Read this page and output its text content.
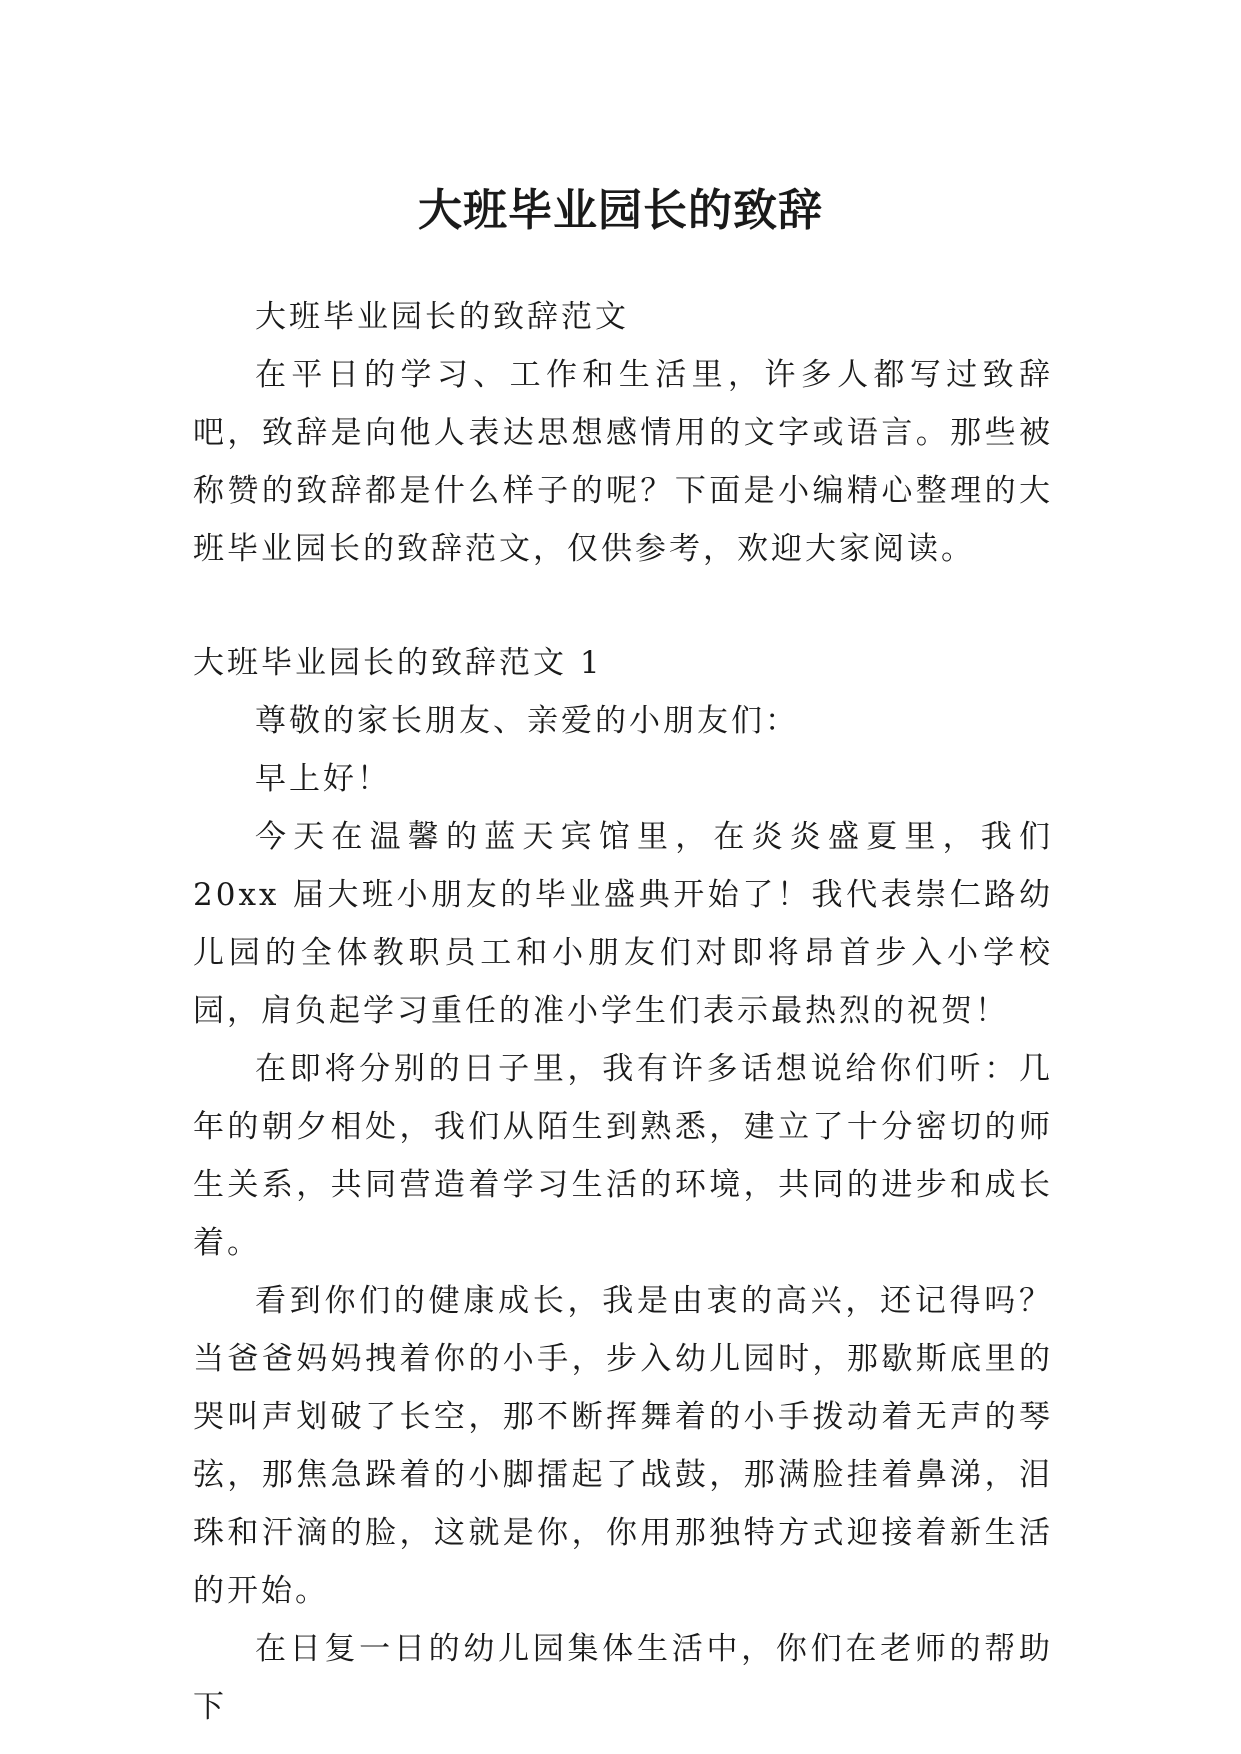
大班毕业园长的致辞

大班毕业园长的致辞范文

在平日的学习、工作和生活里，许多人都写过致辞吧，致辞是向他人表达思想感情用的文字或语言。那些被称赞的致辞都是什么样子的呢？下面是小编精心整理的大班毕业园长的致辞范文，仅供参考，欢迎大家阅读。

大班毕业园长的致辞范文 1

尊敬的家长朋友、亲爱的小朋友们：

早上好！

今天在温馨的蓝天宾馆里，在炎炎盛夏里，我们 20xx 届大班小朋友的毕业盛典开始了！我代表崇仁路幼儿园的全体教职员工和小朋友们对即将昂首步入小学校园，肩负起学习重任的准小学生们表示最热烈的祝贺！

在即将分别的日子里，我有许多话想说给你们听：几年的朝夕相处，我们从陌生到熟悉，建立了十分密切的师生关系，共同营造着学习生活的环境，共同的进步和成长着。

看到你们的健康成长，我是由衷的高兴，还记得吗？当爸爸妈妈拽着你的小手，步入幼儿园时，那歇斯底里的哭叫声划破了长空，那不断挥舞着的小手拨动着无声的琴弦，那焦急跺着的小脚擂起了战鼓，那满脸挂着鼻涕，泪珠和汗滴的脸，这就是你，你用那独特方式迎接着新生活的开始。

在日复一日的幼儿园集体生活中，你们在老师的帮助下
